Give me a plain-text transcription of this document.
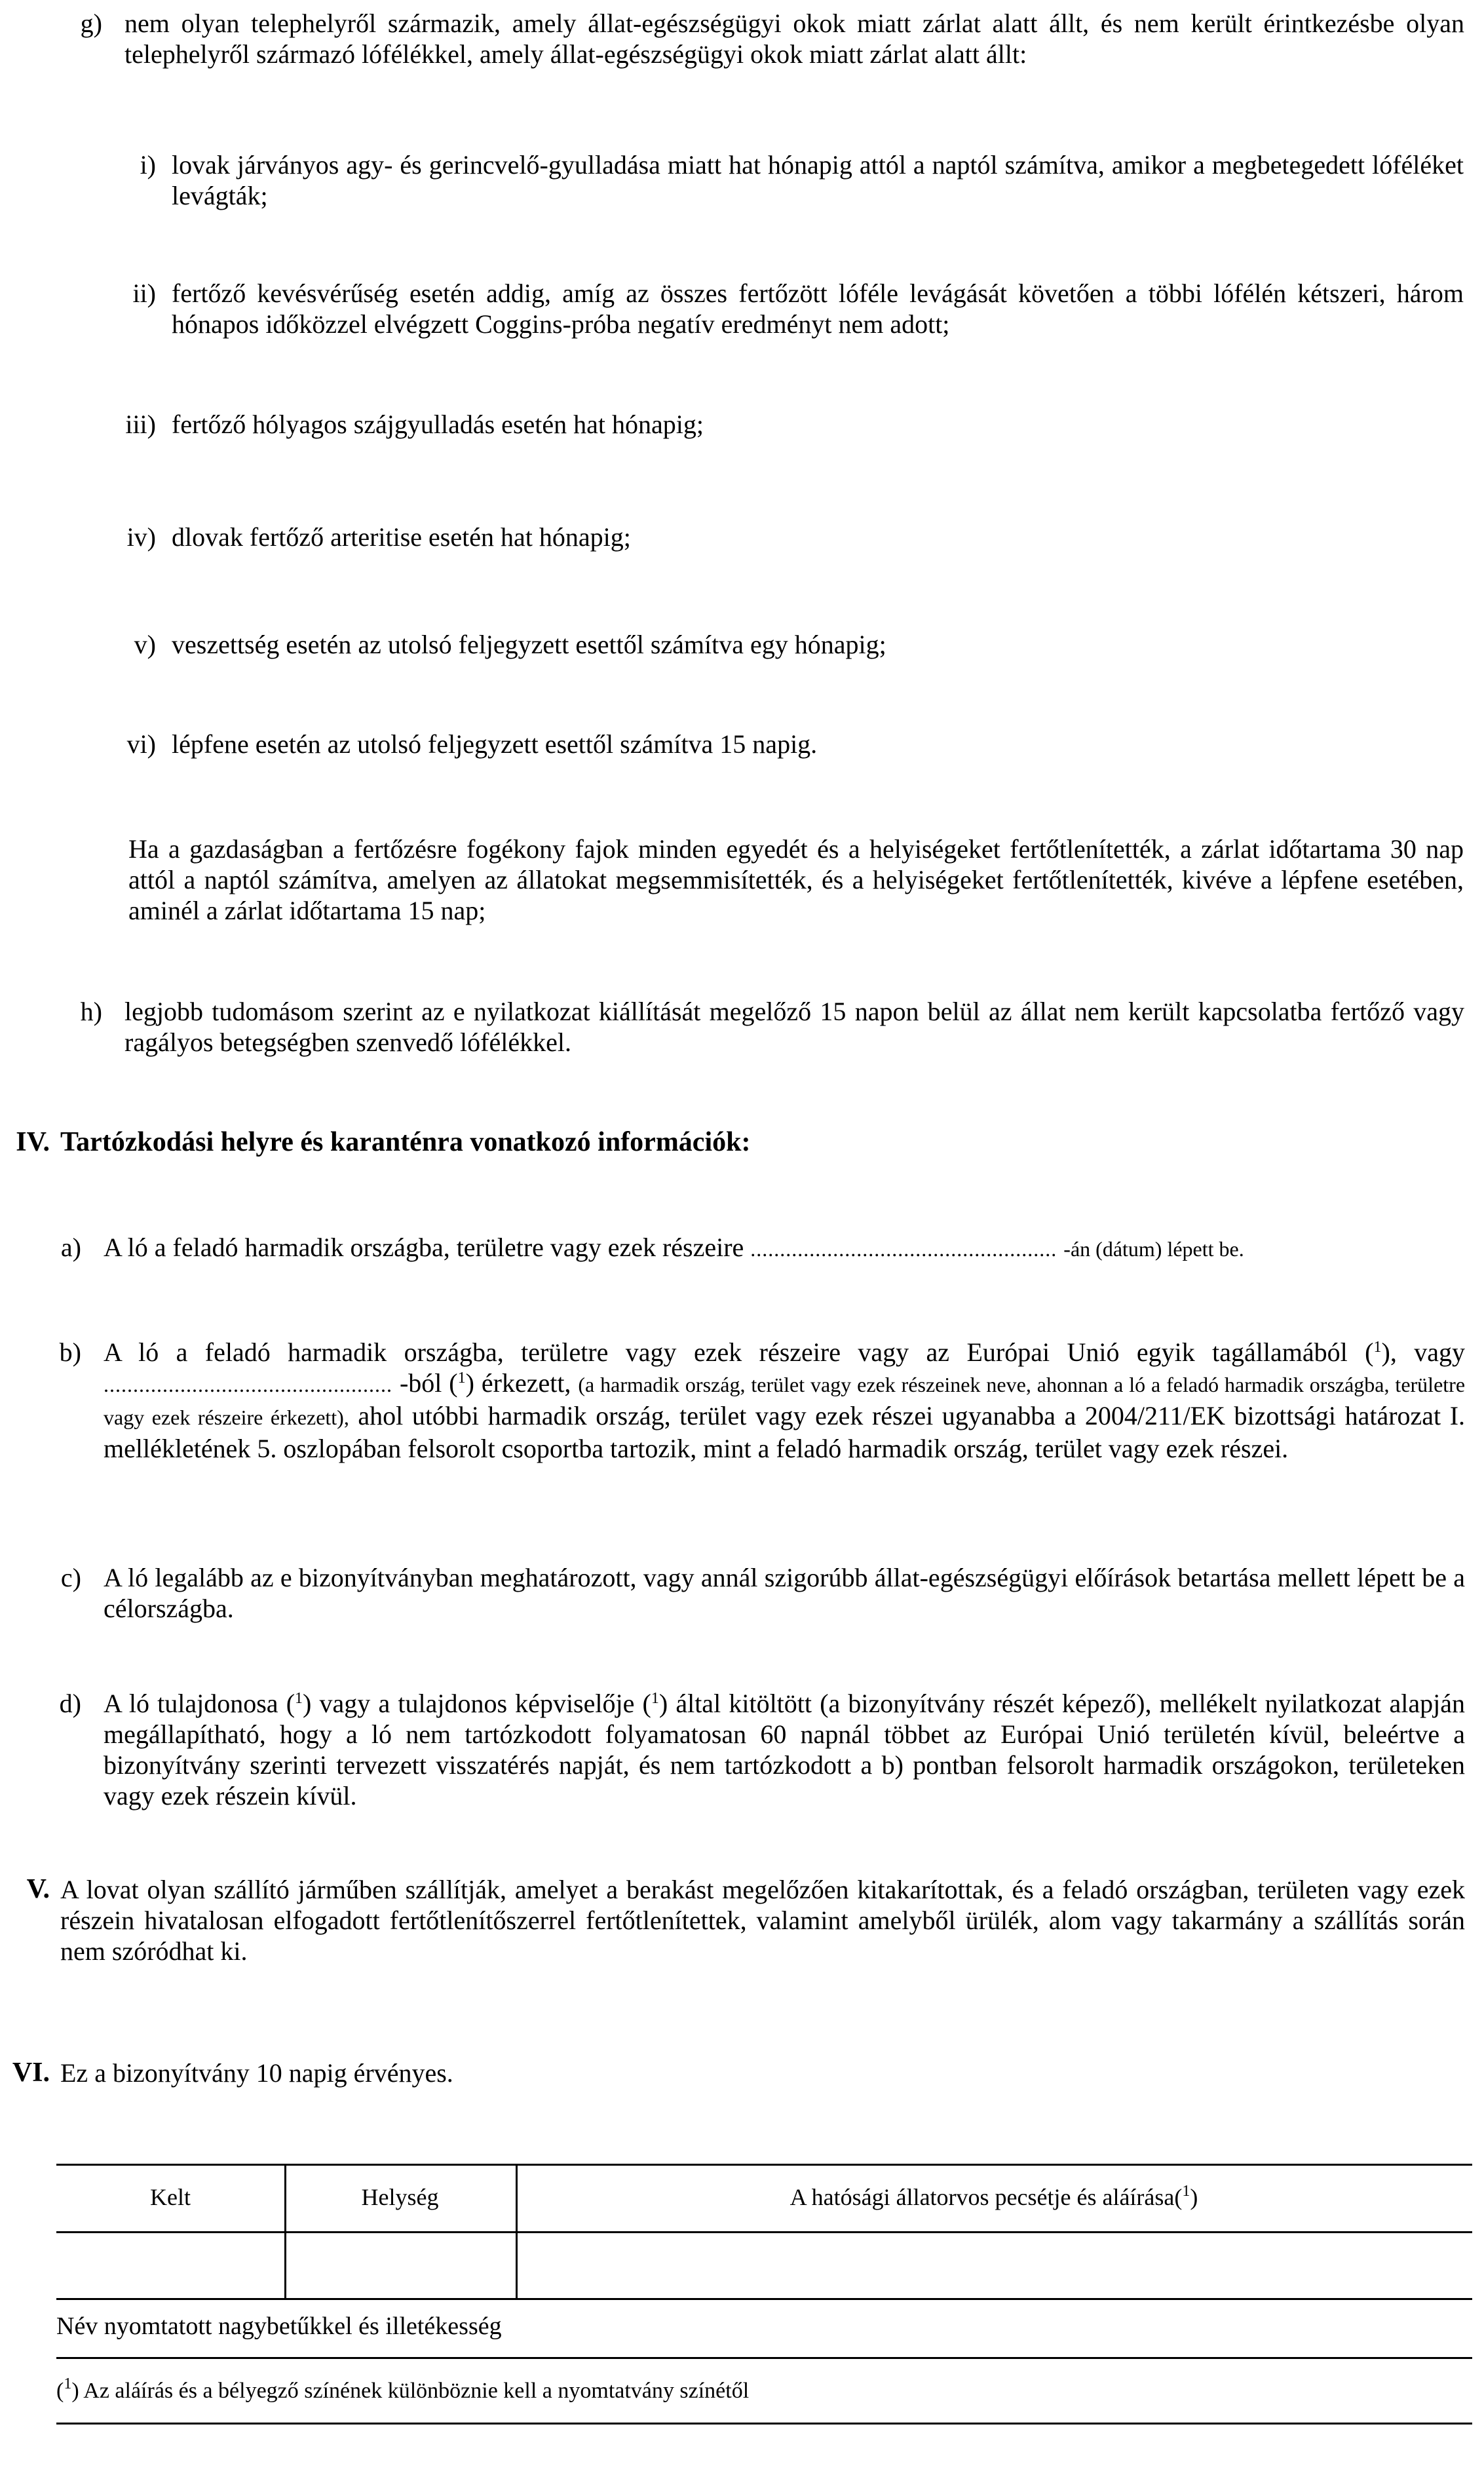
g) nem olyan telephelyről származik, amely állat-egészségügyi okok miatt zárlat alatt állt, és nem került érintkezésbe olyan telephelyről származó lófélékkel, amely állat-egészségügyi okok miatt zárlat alatt állt:
i) lovak járványos agy- és gerincvelő-gyulladása miatt hat hónapig attól a naptól számítva, amikor a megbetegedett lóféléket levágták;
ii) fertőző kevésvérűség esetén addig, amíg az összes fertőzött lóféle levágását követően a többi lófélén kétszeri, három hónapos időközzel elvégzett Coggins-próba negatív eredményt nem adott;
iii) fertőző hólyagos szájgyulladás esetén hat hónapig;
iv) dlovak fertőző arteritise esetén hat hónapig;
v) veszettség esetén az utolsó feljegyzett esettől számítva egy hónapig;
vi) lépfene esetén az utolsó feljegyzett esettől számítva 15 napig.
Ha a gazdaságban a fertőzésre fogékony fajok minden egyedét és a helyiségeket fertőtlenítették, a zárlat időtartama 30 nap attól a naptól számítva, amelyen az állatokat megsemmisítették, és a helyiségeket fertőtlenítették, kivéve a lépfene esetében, aminél a zárlat időtartama 15 nap;
h) legjobb tudomásom szerint az e nyilatkozat kiállítását megelőző 15 napon belül az állat nem került kapcsolatba fertőző vagy ragályos betegségben szenvedő lófélékkel.
IV. Tartózkodási helyre és karanténra vonatkozó információk:
a) A ló a feladó harmadik országba, területre vagy ezek részeire .................................................... -án (dátum) lépett be.
b) A ló a feladó harmadik országba, területre vagy ezek részeire vagy az Európai Unió egyik tagállamából ($^1$), vagy ................................................. -ból ($^1$) érkezett, (a harmadik ország, terület vagy ezek részeinek neve, ahonnan a ló a feladó harmadik országba, területre vagy ezek részeire érkezett), ahol utóbbi harmadik ország, terület vagy ezek részei ugyanabba a 2004/211/EK bizottsági határozat I. mellékletének 5. oszlopában felsorolt csoportba tartozik, mint a feladó harmadik ország, terület vagy ezek részei.
c) A ló legalább az e bizonyítványban meghatározott, vagy annál szigorúbb állat-egészségügyi előírások betartása mellett lépett be a célországba.
d) A ló tulajdonosa ($^1$) vagy a tulajdonos képviselője ($^1$) által kitöltött (a bizonyítvány részét képező), mellékelt nyilatkozat alapján megállapítható, hogy a ló nem tartózkodott folyamatosan 60 napnál többet az Európai Unió területén kívül, beleértve a bizonyítvány szerinti tervezett visszatérés napját, és nem tartózkodott a b) pontban felsorolt harmadik országokon, területeken vagy ezek részein kívül.
V. A lovat olyan szállító járműben szállítják, amelyet a berakást megelőzően kitakarítottak, és a feladó országban, területen vagy ezek részein hivatalosan elfogadott fertőtlenítőszerrel fertőtlenítettek, valamint amelyből ürülék, alom vagy takarmány a szállítás során nem szóródhat ki.
VI. Ez a bizonyítvány 10 napig érvényes.
Kelt	Helység	A hatósági állatorvos pecsétje és aláírása($^1$)
Név nyomtatott nagybetűkkel és illetékesség
($^1$) Az aláírás és a bélyegző színének különböznie kell a nyomtatvány színétől
